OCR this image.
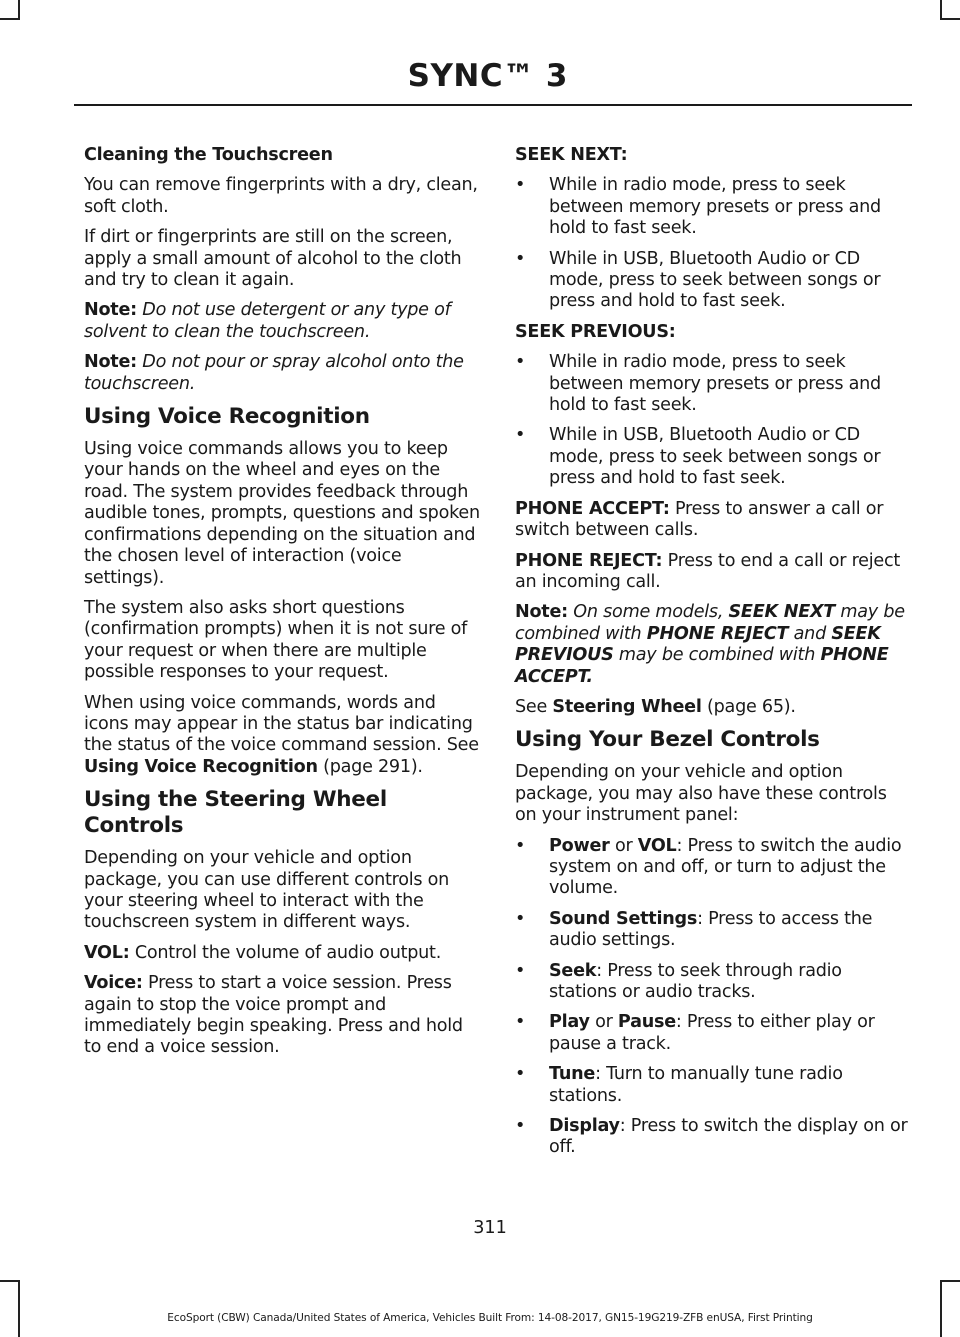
SYNC™ 3

Cleaning the Touchscreen

You can remove fingerprints with a dry, clean, soft cloth.

If dirt or fingerprints are still on the screen, apply a small amount of alcohol to the cloth and try to clean it again.

Note: Do not use detergent or any type of solvent to clean the touchscreen.

Note: Do not pour or spray alcohol onto the touchscreen.

Using Voice Recognition

Using voice commands allows you to keep your hands on the wheel and eyes on the road. The system provides feedback through audible tones, prompts, questions and spoken confirmations depending on the situation and the chosen level of interaction (voice settings).

The system also asks short questions (confirmation prompts) when it is not sure of your request or when there are multiple possible responses to your request.

When using voice commands, words and icons may appear in the status bar indicating the status of the voice command session. See Using Voice Recognition (page 291).

Using the Steering Wheel Controls

Depending on your vehicle and option package, you can use different controls on your steering wheel to interact with the touchscreen system in different ways.

VOL: Control the volume of audio output.

Voice: Press to start a voice session. Press again to stop the voice prompt and immediately begin speaking. Press and hold to end a voice session.

SEEK NEXT:

• While in radio mode, press to seek between memory presets or press and hold to fast seek.
• While in USB, Bluetooth Audio or CD mode, press to seek between songs or press and hold to fast seek.

SEEK PREVIOUS:

• While in radio mode, press to seek between memory presets or press and hold to fast seek.
• While in USB, Bluetooth Audio or CD mode, press to seek between songs or press and hold to fast seek.

PHONE ACCEPT: Press to answer a call or switch between calls.

PHONE REJECT: Press to end a call or reject an incoming call.

Note: On some models, SEEK NEXT may be combined with PHONE REJECT and SEEK PREVIOUS may be combined with PHONE ACCEPT.

See Steering Wheel (page 65).

Using Your Bezel Controls

Depending on your vehicle and option package, you may also have these controls on your instrument panel:

• Power or VOL: Press to switch the audio system on and off, or turn to adjust the volume.
• Sound Settings: Press to access the audio settings.
• Seek: Press to seek through radio stations or audio tracks.
• Play or Pause: Press to either play or pause a track.
• Tune: Turn to manually tune radio stations.
• Display: Press to switch the display on or off.
311
EcoSport (CBW) Canada/United States of America, Vehicles Built From: 14-08-2017, GN15-19G219-ZFB enUSA, First Printing
